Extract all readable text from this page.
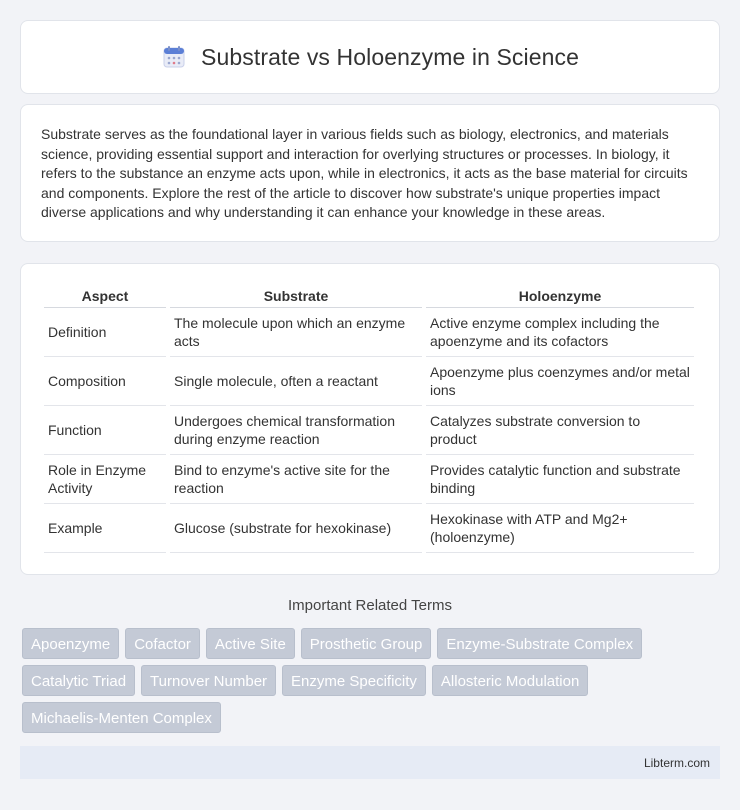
Substrate vs Holoenzyme in Science

Substrate serves as the foundational layer in various fields such as biology, electronics, and materials science, providing essential support and interaction for overlying structures or processes. In biology, it refers to the substance an enzyme acts upon, while in electronics, it acts as the base material for circuits and components. Explore the rest of the article to discover how substrate's unique properties impact diverse applications and why understanding it can enhance your knowledge in these areas.

Aspect	Substrate	Holoenzyme
Definition	The molecule upon which an enzyme acts	Active enzyme complex including the apoenzyme and its cofactors
Composition	Single molecule, often a reactant	Apoenzyme plus coenzymes and/or metal ions
Function	Undergoes chemical transformation during enzyme reaction	Catalyzes substrate conversion to product
Role in Enzyme Activity	Bind to enzyme's active site for the reaction	Provides catalytic function and substrate binding
Example	Glucose (substrate for hexokinase)	Hexokinase with ATP and Mg2+ (holoenzyme)
Important Related Terms
Apoenzyme	Cofactor	Active Site	Prosthetic Group	Enzyme-Substrate Complex
Catalytic Triad	Turnover Number	Enzyme Specificity	Allosteric Modulation
Michaelis-Menten Complex
Libterm.com
